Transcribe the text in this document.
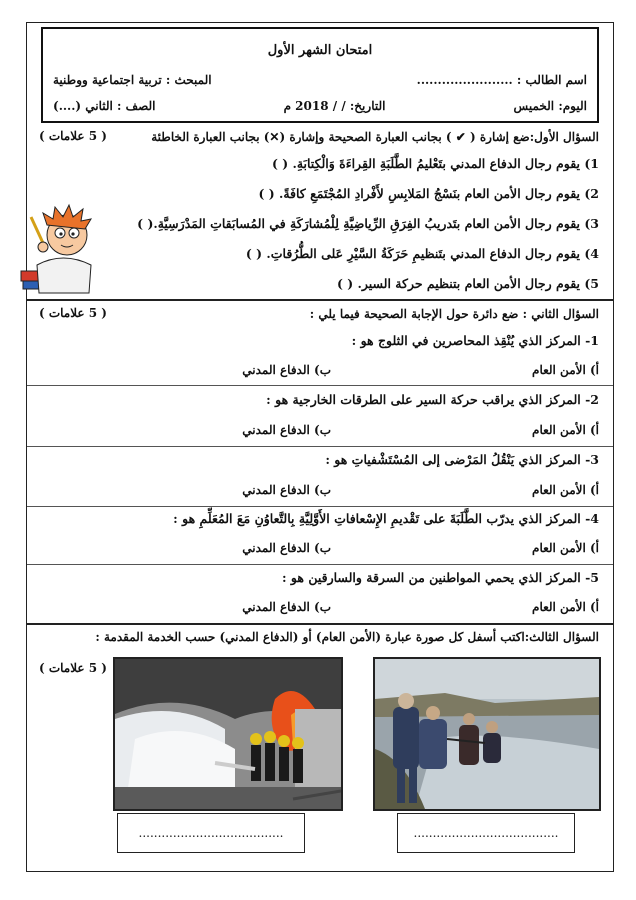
امتحان الشهر الأول
اسم الطالب : .......................
المبحث : تربية اجتماعية ووطنية
اليوم: الخميس
التاريخ: / / 2018 م
الصف : الثاني (....)
السؤال الأول:ضع إشارة ( ✔ ) بجانب العبارة الصحيحة وإشارة (✕) بجانب العبارة الخاطئة
( 5 علامات )
1) يقوم رجال الدفاع المدني بتَعْليمُ الطَّلَبَةِ القِراءَةَ وَالْكِتابَةِ. ( )
2) يقوم رجال الأمن العام بنَسْجُ المَلابِسِ لأَفْرادِ المُجْتَمَعِ كافَةً. ( )
3) يقوم رجال الأمن العام بتَدريبُ الفِرَقِ الرِّياضِيَّةِ لِلْمُشارَكَةِ في المُسابَقاتِ المَدْرَسِيَّةِ.( )
4) يقوم رجال الدفاع المدني بتَنظيمِ حَرَكَةُ السَّيْرِ عَلى الطُّرُقاتِ. ( )
5) يقوم رجال الأمن العام بتنظيم حركة السير. ( )
السؤال الثاني : ضع دائرة حول الإجابة الصحيحة فيما يلي :
( 5 علامات )
1- المركز الذي يُنْقِذ المحاصرين في الثلوج هو :
أ) الأمن العام
ب) الدفاع المدني
2- المركز الذي يراقب حركة السير على الطرقات الخارجية هو :
أ) الأمن العام
ب) الدفاع المدني
3- المركز الذي يَنْقُلُ المَرْضى إلى المُسْتَشْفياتِ هو :
أ) الأمن العام
ب) الدفاع المدني
4- المركز الذي يدرّب الطَّلَبَةَ على تَقْديمِ الإِسْعافاتِ الأَوَّلِيَّةِ بِالتَّعاوُنِ مَعَ المُعَلِّمِ هو :
أ) الأمن العام
ب) الدفاع المدني
5- المركز الذي يحمي المواطنين من السرقة والسارقين هو :
أ) الأمن العام
ب) الدفاع المدني
السؤال الثالث:اكتب أسفل كل صورة عبارة (الأمن العام) أو (الدفاع المدني) حسب الخدمة المقدمة :
( 5 علامات )
......................................
......................................
